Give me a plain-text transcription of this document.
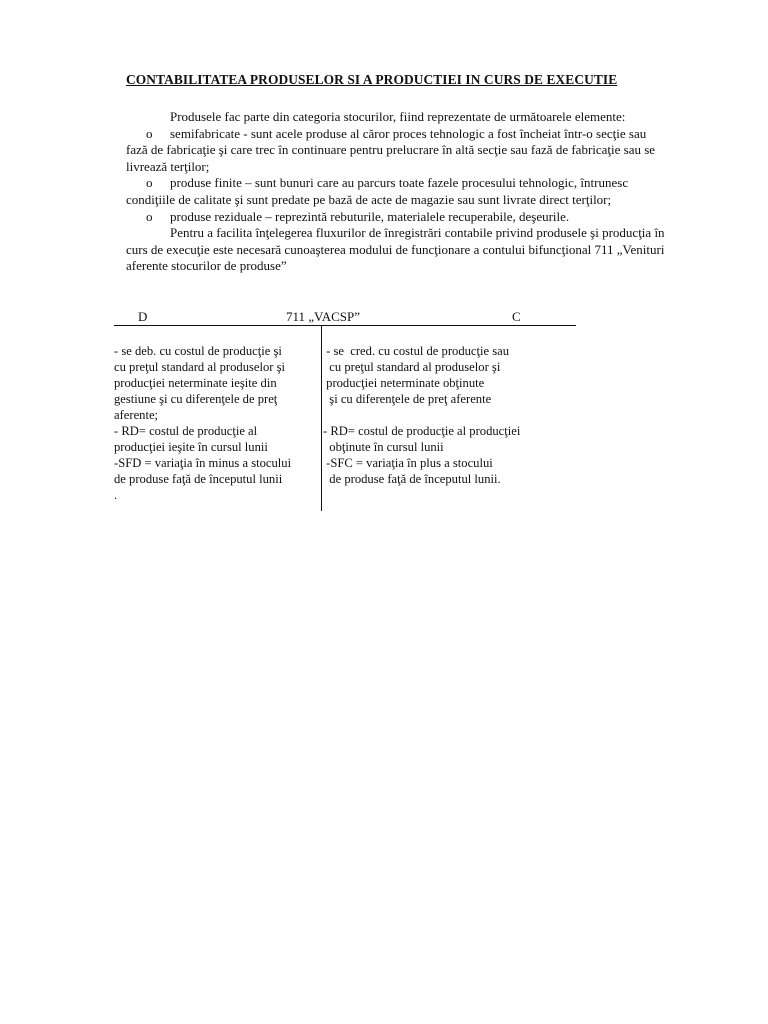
CONTABILITATEA PRODUSELOR SI A PRODUCTIEI IN CURS DE EXECUTIE

Produsele fac parte din categoria stocurilor, fiind reprezentate de următoarele elemente:

o semifabricate - sunt acele produse al căror proces tehnologic a fost încheiat într-o secţie sau fază de fabricaţie şi care trec în continuare pentru prelucrare în altă secţie sau fază de fabricaţie sau se livrează terţilor;

o produse finite – sunt bunuri care au parcurs toate fazele procesului tehnologic, întrunesc condiţiile de calitate şi sunt predate pe bază de acte de magazie sau sunt livrate direct terţilor;

o produse reziduale – reprezintă rebuturile, materialele recuperabile, deşeurile.

Pentru a facilita înţelegerea fluxurilor de înregistrări contabile privind produsele şi producţia în curs de execuţie este necesară cunoaşterea modului de funcţionare a contului bifuncţional 711 „Venituri aferente stocurilor de produse”

D	711 „VACSP”	C

- se deb. cu costul de producţie şi

cu preţul standard al produselor şi

producţiei neterminate ieşite din

gestiune şi cu diferenţele de preţ

aferente;

- RD= costul de producţie al

producţiei ieşite în cursul lunii

-SFD = variaţia în minus a stocului

de produse faţă de începutul lunii

.

- se  cred. cu costul de producţie sau

cu preţul standard al produselor şi

producţiei neterminate obţinute

şi cu diferenţele de preţ aferente

- RD= costul de producţie al producţiei

obţinute în cursul lunii

-SFC = variaţia în plus a stocului

de produse faţă de începutul lunii.
